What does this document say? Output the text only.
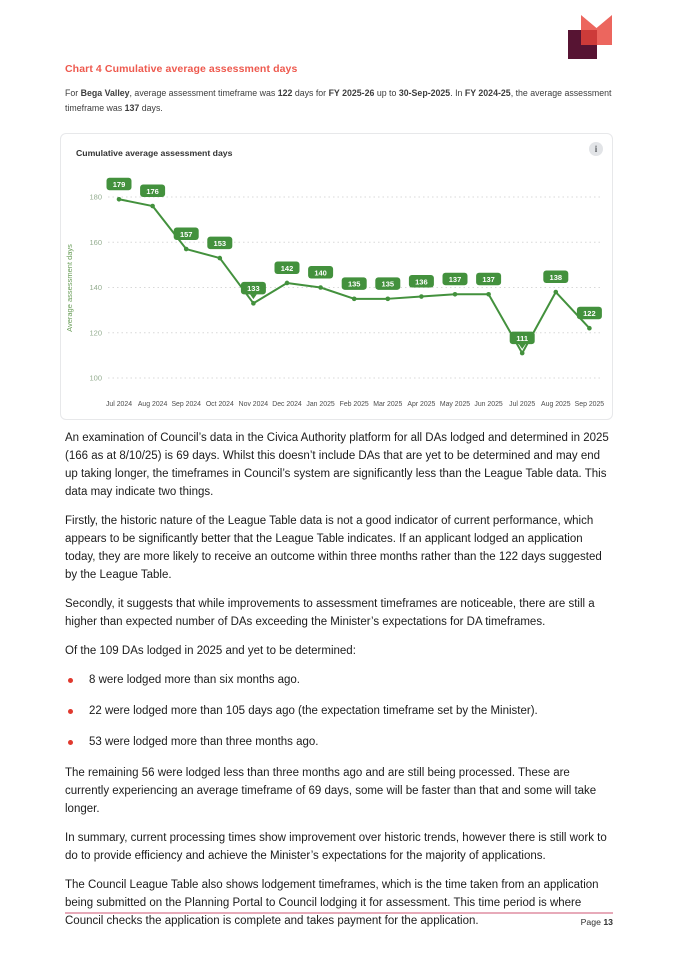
Chart 4 Cumulative average assessment days

For Bega Valley, average assessment timeframe was 122 days for FY 2025-26 up to 30-Sep-2025. In FY 2024-25, the average assessment timeframe was 137 days.

Cumulative average assessment days	i
100
120
140
160
180
Average assessment days
Jul 2024 Aug 2024 Sep 2024 Oct 2024 Nov 2024 Dec 2024 Jan 2025 Feb 2025 Mar 2025 Apr 2025 May 2025 Jun 2025 Jul 2025 Aug 2025 Sep 2025
179
176
157
153
133
142
140
135	135	136	137	137
111
138
122

An examination of Council’s data in the Civica Authority platform for all DAs lodged and determined in 2025 (166 as at 8/10/25) is 69 days. Whilst this doesn’t include DAs that are yet to be determined and may end up taking longer, the timeframes in Council’s system are significantly less than the League Table data. This data may indicate two things.

Firstly, the historic nature of the League Table data is not a good indicator of current performance, which appears to be significantly better that the League Table indicates. If an applicant lodged an application today, they are more likely to receive an outcome within three months rather than the 122 days suggested by the League Table.

Secondly, it suggests that while improvements to assessment timeframes are noticeable, there are still a higher than expected number of DAs exceeding the Minister’s expectations for DA timeframes.

Of the 109 DAs lodged in 2025 and yet to be determined:

8 were lodged more than six months ago.
22 were lodged more than 105 days ago (the expectation timeframe set by the Minister).
53 were lodged more than three months ago.

The remaining 56 were lodged less than three months ago and are still being processed. These are currently experiencing an average timeframe of 69 days, some will be faster than that and some will take longer.

In summary, current processing times show improvement over historic trends, however there is still work to do to provide efficiency and achieve the Minister’s expectations for the majority of applications.

The Council League Table also shows lodgement timeframes, which is the time taken from an application being submitted on the Planning Portal to Council lodging it for assessment. This time period is where Council checks the application is complete and takes payment for the application.	Page 13
